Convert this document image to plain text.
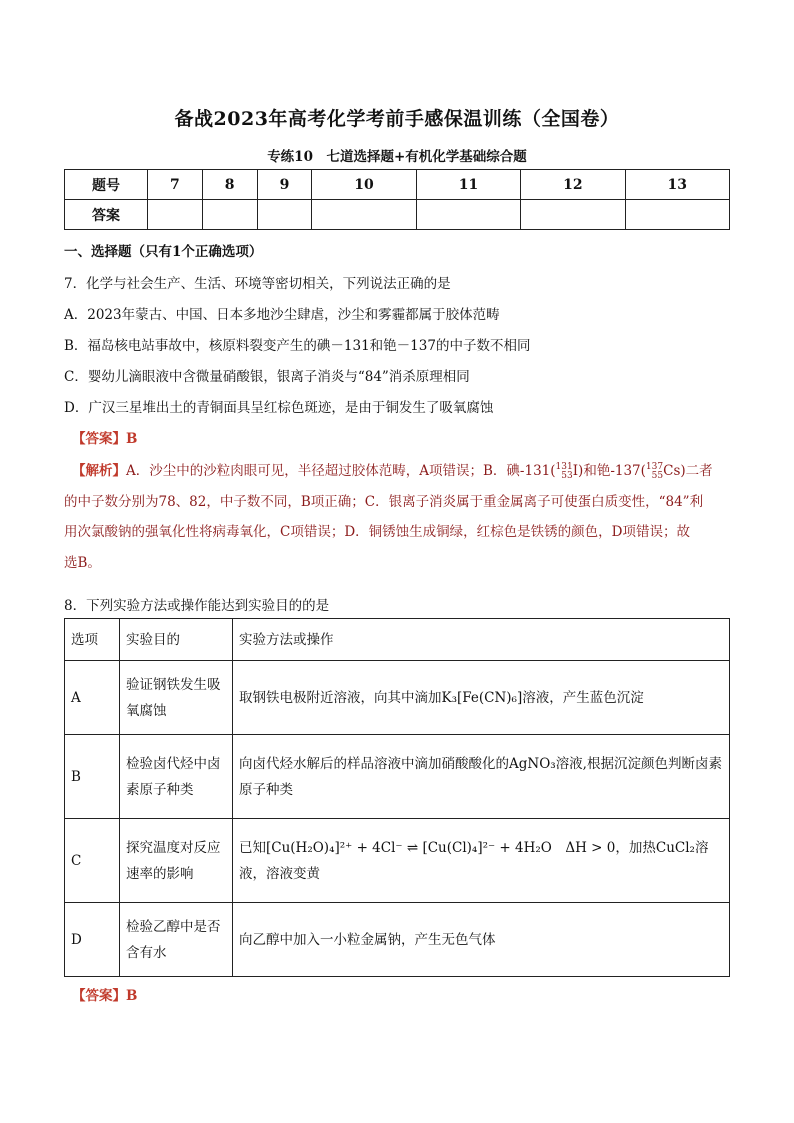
备战2023年高考化学考前手感保温训练（全国卷）
专练10　七道选择题+有机化学基础综合题
题号	7	8	9	10	11	12	13
答案							
一、选择题（只有1个正确选项）
7．化学与社会生产、生活、环境等密切相关，下列说法正确的是
A．2023年蒙古、中国、日本多地沙尘肆虐，沙尘和雾霾都属于胶体范畴
B．福岛核电站事故中，核原料裂变产生的碘－131和铯－137的中子数不相同
C．婴幼儿滴眼液中含微量硝酸银，银离子消炎与“84”消杀原理相同
D．广汉三星堆出土的青铜面具呈红棕色斑迹，是由于铜发生了吸氧腐蚀
【答案】B
【解析】A．沙尘中的沙粒肉眼可见，半径超过胶体范畴，A项错误；B．碘-131( 131
53 I)和铯-137( 137
55 Cs)二者
的中子数分别为78、82，中子数不同，B项正确；C．银离子消炎属于重金属离子可使蛋白质变性，“84”利
用次氯酸钠的强氧化性将病毒氧化，C项错误；D．铜锈蚀生成铜绿，红棕色是铁锈的颜色，D项错误；故
选B。
8．下列实验方法或操作能达到实验目的的是
选项	实验目的	实验方法或操作
A	验证钢铁发生吸氧腐蚀	取钢铁电极附近溶液，向其中滴加K₃[Fe(CN)₆]溶液，产生蓝色沉淀
B	检验卤代烃中卤素原子种类	向卤代烃水解后的样品溶液中滴加硝酸酸化的AgNO₃溶液,根据沉淀颜色判断卤素原子种类
C	探究温度对反应速率的影响	已知[Cu(H₂O)₄]²⁺ + 4Cl⁻ ⇌ [Cu(Cl)₄]²⁻ + 4H₂O　ΔH > 0，加热CuCl₂溶液，溶液变黄
D	检验乙醇中是否含有水	向乙醇中加入一小粒金属钠，产生无色气体
【答案】B
